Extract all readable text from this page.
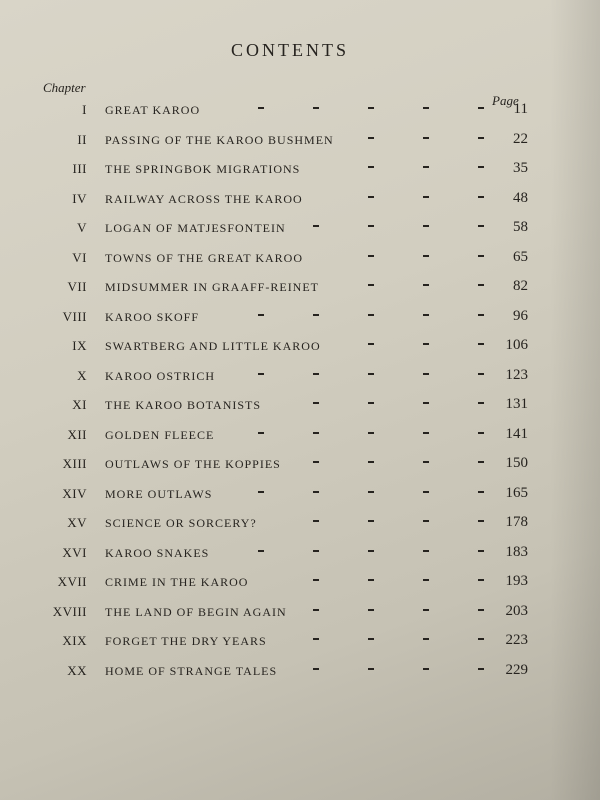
CONTENTS
Chapter
Page
I GREAT KAROO	11
II PASSING OF THE KAROO BUSHMEN	22
III THE SPRINGBOK MIGRATIONS	35
IV RAILWAY ACROSS THE KAROO	48
V LOGAN OF MATJESFONTEIN	58
VI TOWNS OF THE GREAT KAROO	65
VII MIDSUMMER IN GRAAFF-REINET	82
VIII KAROO SKOFF	96
IX SWARTBERG AND LITTLE KAROO	106
X KAROO OSTRICH	123
XI THE KAROO BOTANISTS	131
XII GOLDEN FLEECE	141
XIII OUTLAWS OF THE KOPPIES	150
XIV MORE OUTLAWS	165
XV SCIENCE OR SORCERY?	178
XVI KAROO SNAKES	183
XVII CRIME IN THE KAROO	193
XVIII THE LAND OF BEGIN AGAIN	203
XIX FORGET THE DRY YEARS	223
XX HOME OF STRANGE TALES	229
